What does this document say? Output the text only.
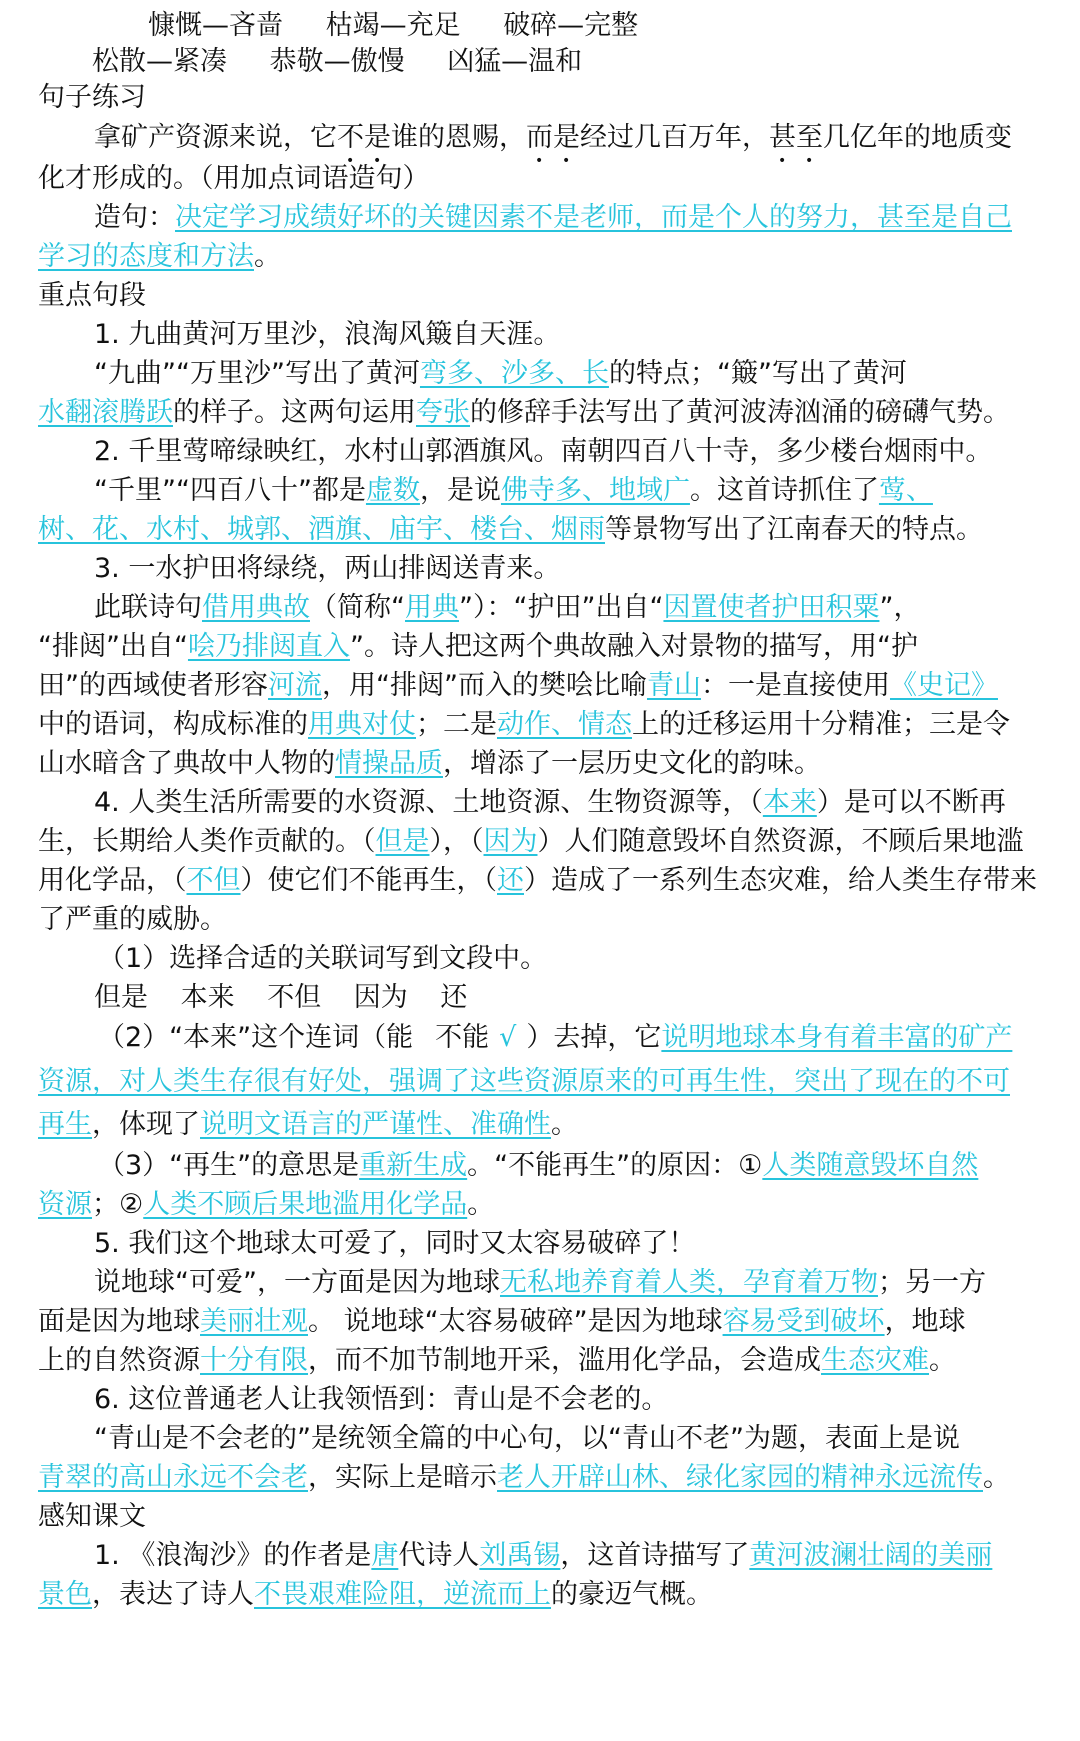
慷慨—吝啬 枯竭—充足 破碎—完整
松散—紧凑 恭敬—傲慢 凶猛—温和
句子练习
拿矿产资源来说，它不是谁的恩赐，而是经过几百万年，甚至几亿年的地质变
化才形成的。（用加点词语造句）
造句：决定学习成绩好坏的关键因素不是老师，而是个人的努力，甚至是自己
学习的态度和方法。
重点句段
1. 九曲黄河万里沙，浪淘风簸自天涯。
“九曲”“万里沙”写出了黄河弯多、沙多、长的特点；“簸”写出了黄河
水翻滚腾跃的样子。这两句运用夸张的修辞手法写出了黄河波涛汹涌的磅礴气势。
2. 千里莺啼绿映红，水村山郭酒旗风。南朝四百八十寺，多少楼台烟雨中。
“千里”“四百八十”都是虚数，是说佛寺多、地域广。这首诗抓住了莺、
树、花、水村、城郭、酒旗、庙宇、楼台、烟雨等景物写出了江南春天的特点。
3. 一水护田将绿绕，两山排闼送青来。
此联诗句借用典故（简称“用典”）：“护田”出自“因置使者护田积粟”，
“排闼”出自“哙乃排闼直入”。诗人把这两个典故融入对景物的描写，用“护
田”的西域使者形容河流，用“排闼”而入的樊哙比喻青山：一是直接使用《史记》
中的语词，构成标准的用典对仗；二是动作、情态上的迁移运用十分精准；三是令
山水暗含了典故中人物的情操品质，增添了一层历史文化的韵味。
4. 人类生活所需要的水资源、土地资源、生物资源等，（本来）是可以不断再
生，长期给人类作贡献的。（但是），（因为）人们随意毁坏自然资源，不顾后果地滥
用化学品，（不但）使它们不能再生，（还）造成了一系列生态灾难，给人类生存带来
了严重的威胁。
（1）选择合适的关联词写到文段中。
但是 本来 不但 因为 还
（2）“本来”这个连词（能 不能 √ ）去掉，它说明地球本身有着丰富的矿产
资源，对人类生存很有好处，强调了这些资源原来的可再生性，突出了现在的不可
再生，体现了说明文语言的严谨性、准确性。
（3）“再生”的意思是重新生成。“不能再生”的原因：①人类随意毁坏自然
资源；②人类不顾后果地滥用化学品。
5. 我们这个地球太可爱了，同时又太容易破碎了！
说地球“可爱”，一方面是因为地球无私地养育着人类，孕育着万物；另一方
面是因为地球美丽壮观。 说地球“太容易破碎”是因为地球容易受到破坏，地球
上的自然资源十分有限，而不加节制地开采，滥用化学品，会造成生态灾难。
6. 这位普通老人让我领悟到：青山是不会老的。
“青山是不会老的”是统领全篇的中心句，以“青山不老”为题，表面上是说
青翠的高山永远不会老，实际上是暗示老人开辟山林、绿化家园的精神永远流传。
感知课文
1. 《浪淘沙》的作者是唐代诗人刘禹锡，这首诗描写了黄河波澜壮阔的美丽
景色，表达了诗人不畏艰难险阻，逆流而上的豪迈气概。
